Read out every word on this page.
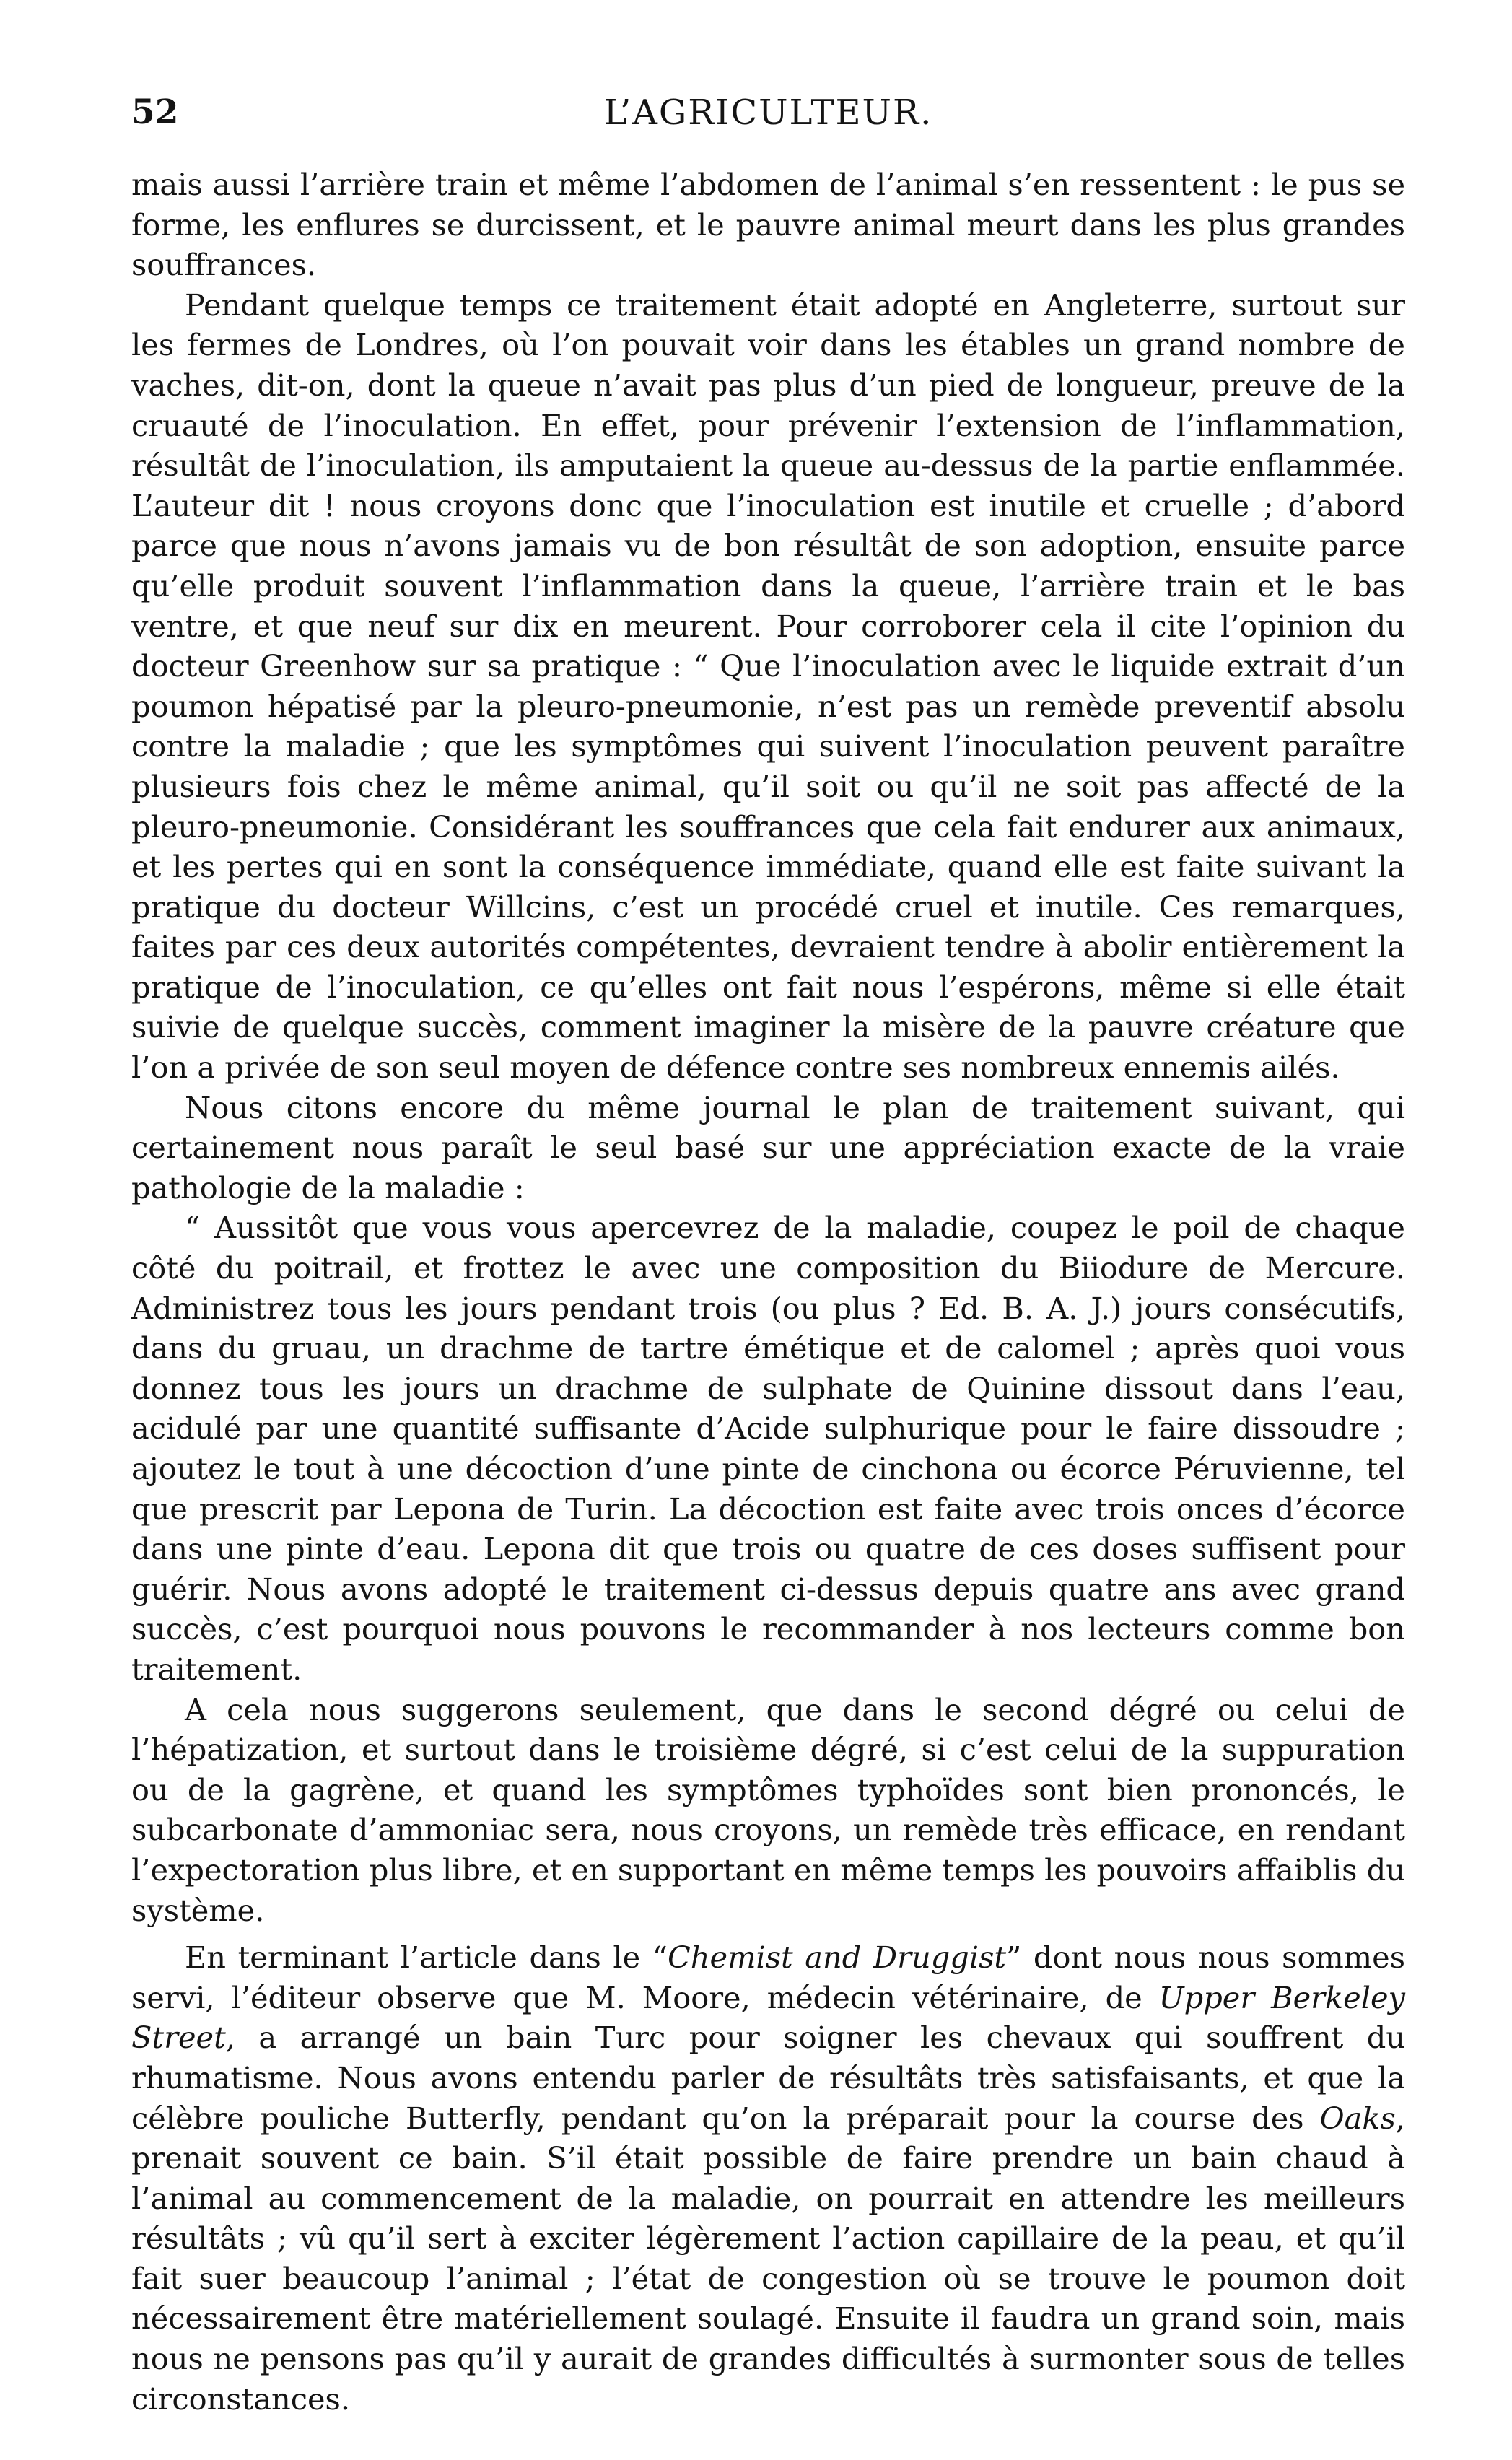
52	L’AGRICULTEUR.

mais aussi l’arrière train et même l’abdomen de l’animal s’en ressentent : le pus se forme, les enflures se durcissent, et le pauvre animal meurt dans les plus grandes souffrances.

Pendant quelque temps ce traitement était adopté en Angleterre, surtout sur les fermes de Londres, où l’on pouvait voir dans les étables un grand nombre de vaches, dit-on, dont la queue n’avait pas plus d’un pied de longueur, preuve de la cruauté de l’inoculation. En effet, pour prévenir l’extension de l’inflammation, résultât de l’inoculation, ils amputaient la queue au-dessus de la partie enflammée. L’auteur dit ! nous croyons donc que l’inoculation est inutile et cruelle ; d’abord parce que nous n’avons jamais vu de bon résultât de son adoption, ensuite parce qu’elle produit souvent l’inflammation dans la queue, l’arrière train et le bas ventre, et que neuf sur dix en meurent. Pour corroborer cela il cite l’opinion du docteur Greenhow sur sa pratique : “ Que l’inoculation avec le liquide extrait d’un poumon hépatisé par la pleuro-pneumonie, n’est pas un remède preventif absolu contre la maladie ; que les symptômes qui suivent l’inoculation peuvent paraître plusieurs fois chez le même animal, qu’il soit ou qu’il ne soit pas affecté de la pleuro-pneumonie. Considérant les souffrances que cela fait endurer aux animaux, et les pertes qui en sont la conséquence immédiate, quand elle est faite suivant la pratique du docteur Willcins, c’est un procédé cruel et inutile. Ces remarques, faites par ces deux autorités compétentes, devraient tendre à abolir entièrement la pratique de l’inoculation, ce qu’elles ont fait nous l’espérons, même si elle était suivie de quelque succès, comment imaginer la misère de la pauvre créature que l’on a privée de son seul moyen de défence contre ses nombreux ennemis ailés.

Nous citons encore du même journal le plan de traitement suivant, qui certainement nous paraît le seul basé sur une appréciation exacte de la vraie pathologie de la maladie :

“ Aussitôt que vous vous apercevrez de la maladie, coupez le poil de chaque côté du poitrail, et frottez le avec une composition du Biiodure de Mercure. Administrez tous les jours pendant trois (ou plus ? Ed. B. A. J.) jours consécutifs, dans du gruau, un drachme de tartre émétique et de calomel ; après quoi vous donnez tous les jours un drachme de sulphate de Quinine dissout dans l’eau, acidulé par une quantité suffisante d’Acide sulphurique pour le faire dissoudre ; ajoutez le tout à une décoction d’une pinte de cinchona ou écorce Péruvienne, tel que prescrit par Lepona de Turin. La décoction est faite avec trois onces d’écorce dans une pinte d’eau. Lepona dit que trois ou quatre de ces doses suffisent pour guérir. Nous avons adopté le traitement ci-dessus depuis quatre ans avec grand succès, c’est pourquoi nous pouvons le recommander à nos lecteurs comme bon traitement.

A cela nous suggerons seulement, que dans le second dégré ou celui de l’hépatization, et surtout dans le troisième dégré, si c’est celui de la suppuration ou de la gagrène, et quand les symptômes typhoïdes sont bien prononcés, le subcarbonate d’ammoniac sera, nous croyons, un remède très efficace, en rendant l’expectoration plus libre, et en supportant en même temps les pouvoirs affaiblis du système.

En terminant l’article dans le “Chemist and Druggist” dont nous nous sommes servi, l’éditeur observe que M. Moore, médecin vétérinaire, de Upper Berkeley Street, a arrangé un bain Turc pour soigner les chevaux qui souffrent du rhumatisme. Nous avons entendu parler de résultâts très satisfaisants, et que la célèbre pouliche Butterfly, pendant qu’on la préparait pour la course des Oaks, prenait souvent ce bain. S’il était possible de faire prendre un bain chaud à l’animal au commencement de la maladie, on pourrait en attendre les meilleurs résultâts ; vû qu’il sert à exciter légèrement l’action capillaire de la peau, et qu’il fait suer beaucoup l’animal ; l’état de congestion où se trouve le poumon doit nécessairement être matériellement soulagé. Ensuite il faudra un grand soin, mais nous ne pensons pas qu’il y aurait de grandes difficultés à surmonter sous de telles circonstances.
